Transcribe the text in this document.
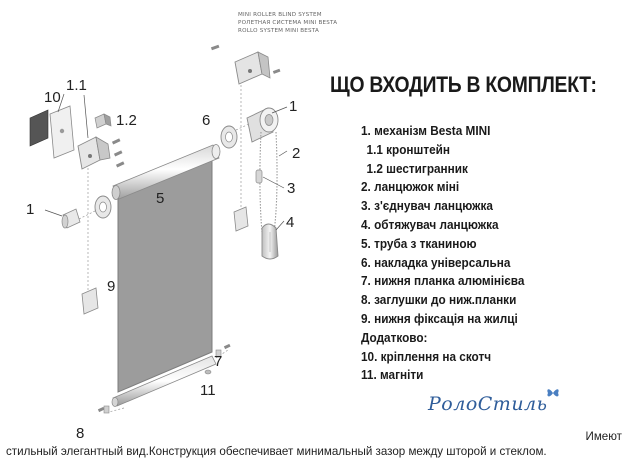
MINI ROLLER BLIND SYSTEM
РОЛЕТНАЯ СИСТЕМА MINI BESTA
ROLLO SYSTEM MINI BESTA
10
1.1
1.2
1
6
1
2
3
4
5
9
7
11
8
ЩО ВХОДИТЬ В КОМПЛЕКТ:
1. механізм Besta MINI
1.1 кронштейн
1.2 шестигранник
2. ланцюжок міні
3. з'єднувач ланцюжка
4. обтяжувач ланцюжка
5. труба з тканиною
6. накладка універсальна
7. нижня планка алюмінієва
8. заглушки до ниж.планки
9. нижня фіксація на жилці
Додатково:
10. кріплення на скотч
11. магніти
РолоСтиль
Имеют
стильный элегантный вид.Конструкция обеспечивает минимальный зазор между шторой и стеклом.
